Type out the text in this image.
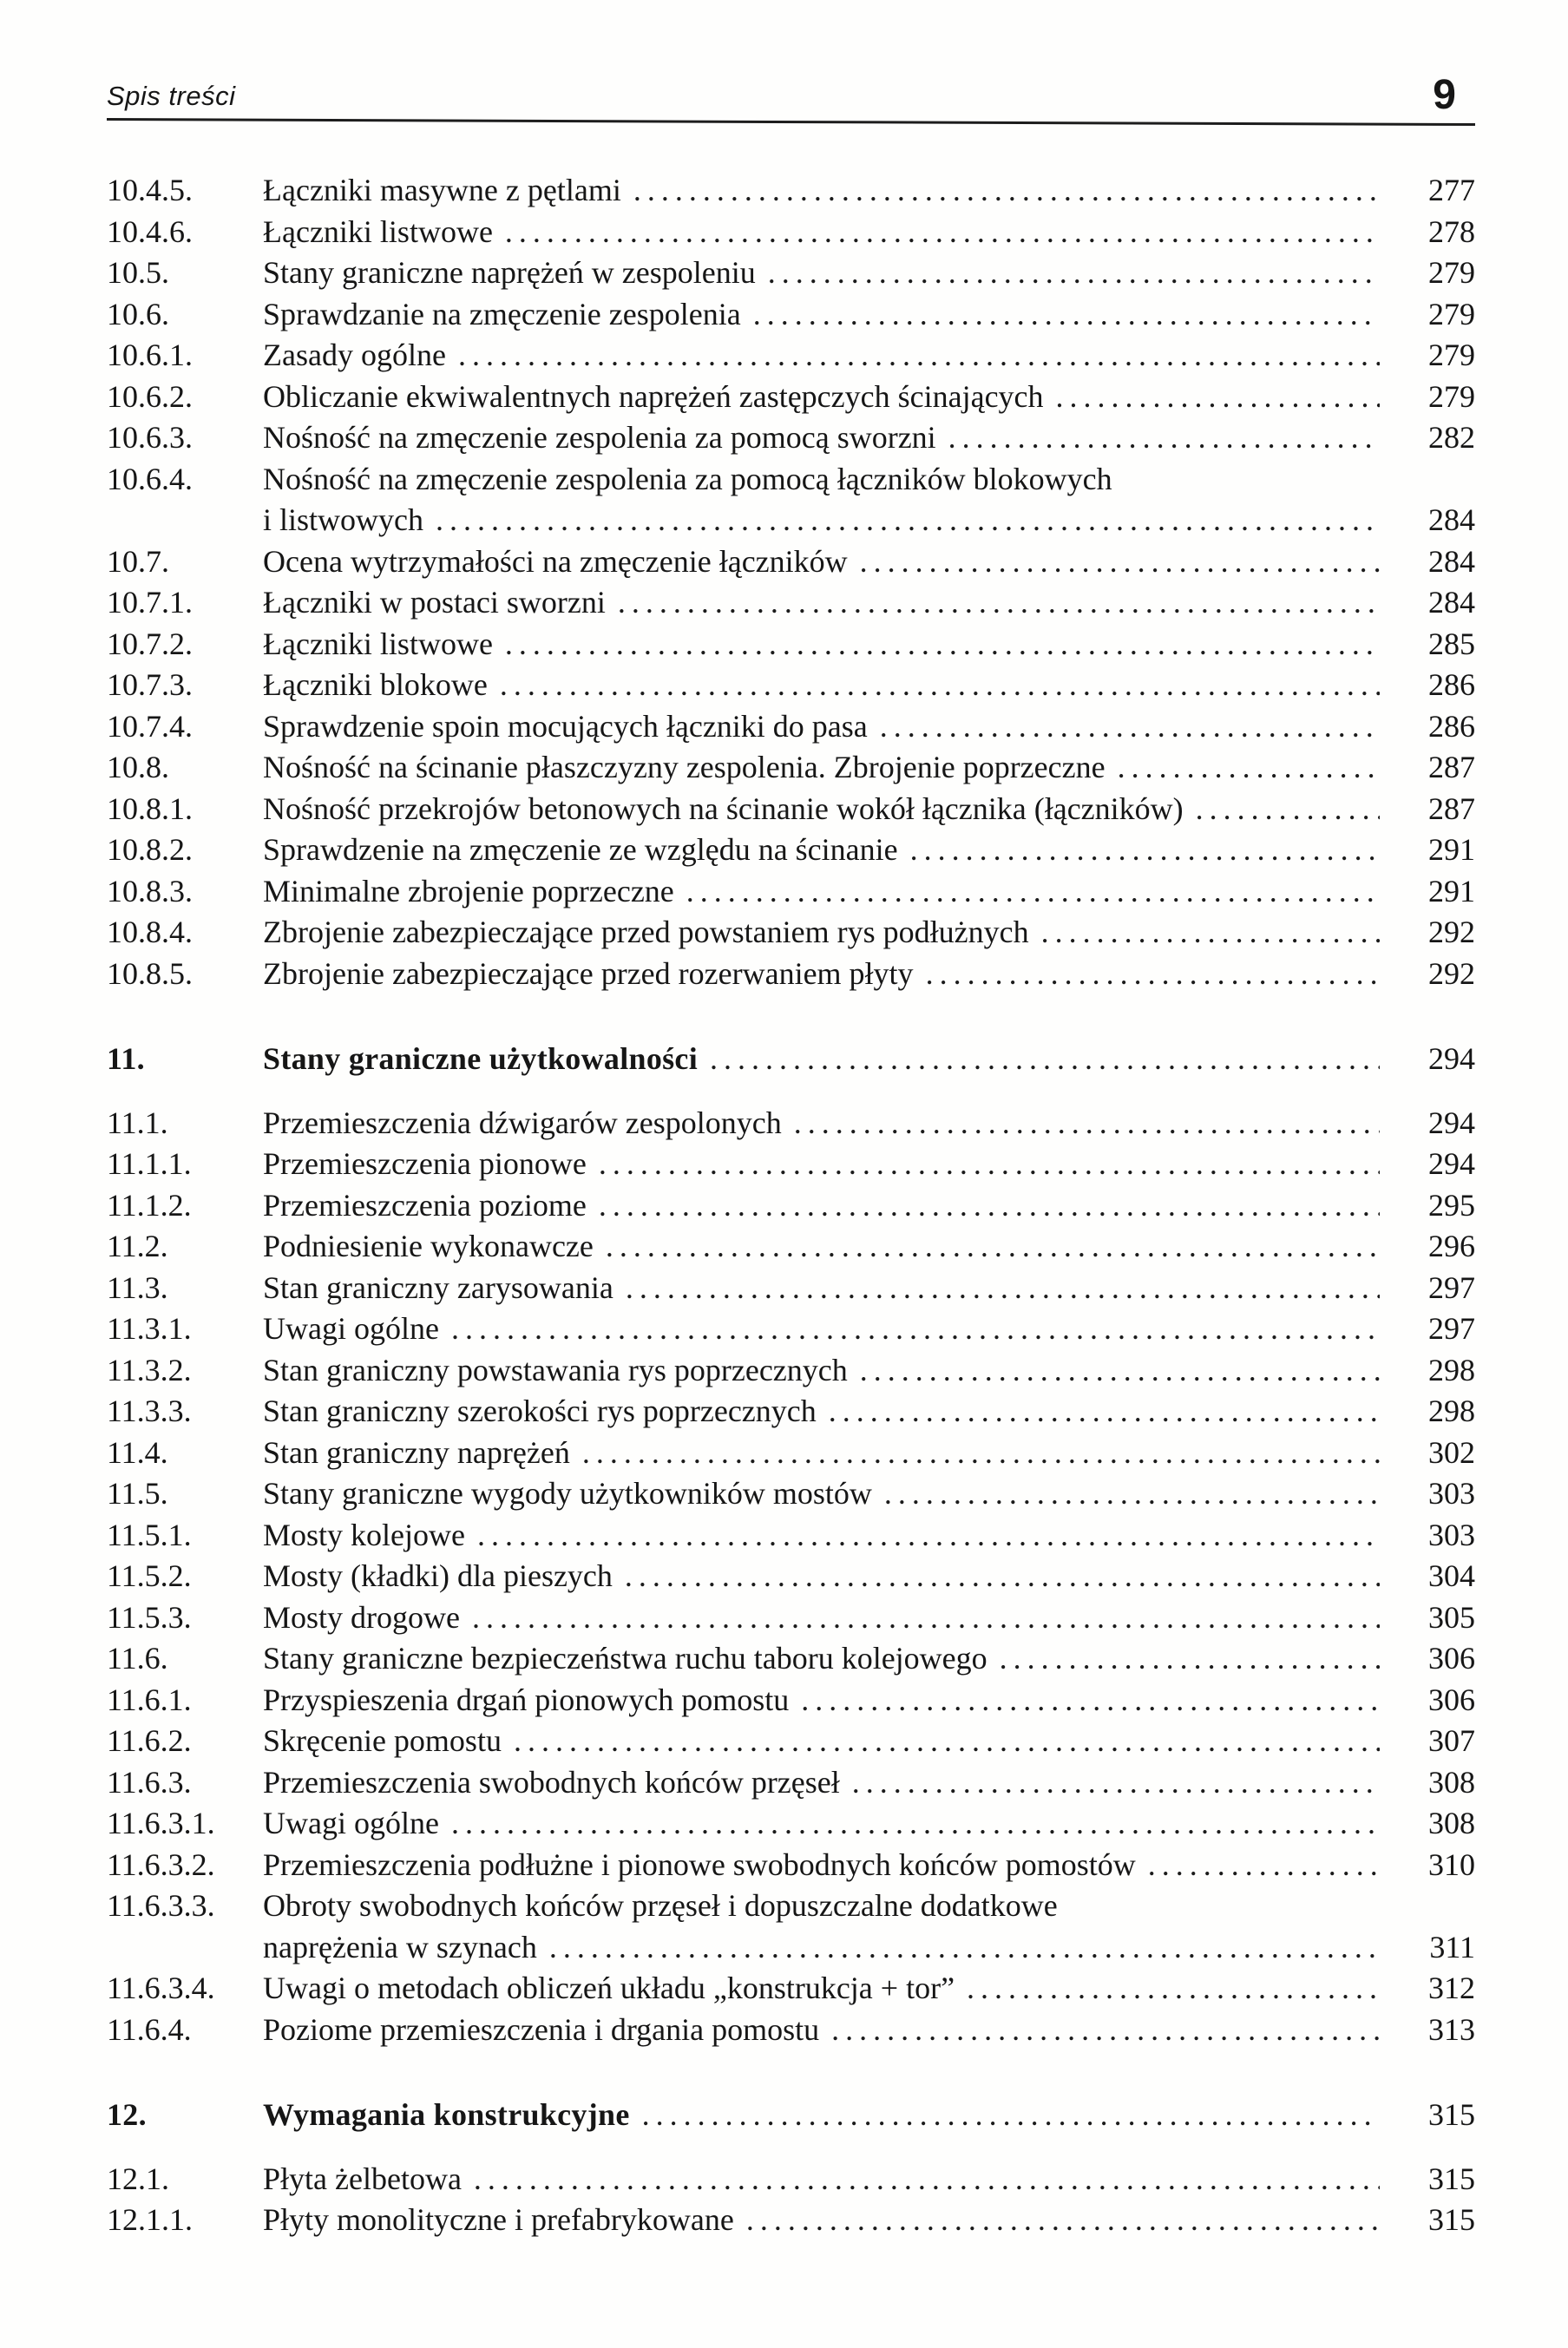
Spis treści	9
10.4.5.	Łączniki masywne z pętlami .....	277
10.4.6.	Łączniki listwowe .....	278
10.5.	Stany graniczne naprężeń w zespoleniu .....	279
10.6.	Sprawdzanie na zmęczenie zespolenia .....	279
10.6.1.	Zasady ogólne .....	279
10.6.2.	Obliczanie ekwiwalentnych naprężeń zastępczych ścinających .....	279
10.6.3.	Nośność na zmęczenie zespolenia za pomocą sworzni .....	282
10.6.4.	Nośność na zmęczenie zespolenia za pomocą łączników blokowych
i listwowych .....	284
10.7.	Ocena wytrzymałości na zmęczenie łączników .....	284
10.7.1.	Łączniki w postaci sworzni .....	284
10.7.2.	Łączniki listwowe .....	285
10.7.3.	Łączniki blokowe .....	286
10.7.4.	Sprawdzenie spoin mocujących łączniki do pasa .....	286
10.8.	Nośność na ścinanie płaszczyzny zespolenia. Zbrojenie poprzeczne .....	287
10.8.1.	Nośność przekrojów betonowych na ścinanie wokół łącznika (łączników) .....	287
10.8.2.	Sprawdzenie na zmęczenie ze względu na ścinanie .....	291
10.8.3.	Minimalne zbrojenie poprzeczne .....	291
10.8.4.	Zbrojenie zabezpieczające przed powstaniem rys podłużnych .....	292
10.8.5.	Zbrojenie zabezpieczające przed rozerwaniem płyty .....	292
11.	Stany graniczne użytkowalności .....	294
11.1.	Przemieszczenia dźwigarów zespolonych .....	294
11.1.1.	Przemieszczenia pionowe .....	294
11.1.2.	Przemieszczenia poziome .....	295
11.2.	Podniesienie wykonawcze .....	296
11.3.	Stan graniczny zarysowania .....	297
11.3.1.	Uwagi ogólne .....	297
11.3.2.	Stan graniczny powstawania rys poprzecznych .....	298
11.3.3.	Stan graniczny szerokości rys poprzecznych .....	298
11.4.	Stan graniczny naprężeń .....	302
11.5.	Stany graniczne wygody użytkowników mostów .....	303
11.5.1.	Mosty kolejowe .....	303
11.5.2.	Mosty (kładki) dla pieszych .....	304
11.5.3.	Mosty drogowe .....	305
11.6.	Stany graniczne bezpieczeństwa ruchu taboru kolejowego .....	306
11.6.1.	Przyspieszenia drgań pionowych pomostu .....	306
11.6.2.	Skręcenie pomostu .....	307
11.6.3.	Przemieszczenia swobodnych końców przęseł .....	308
11.6.3.1.	Uwagi ogólne .....	308
11.6.3.2.	Przemieszczenia podłużne i pionowe swobodnych końców pomostów .....	310
11.6.3.3.	Obroty swobodnych końców przęseł i dopuszczalne dodatkowe
naprężenia w szynach .....	311
11.6.3.4.	Uwagi o metodach obliczeń układu „konstrukcja + tor” .....	312
11.6.4.	Poziome przemieszczenia i drgania pomostu .....	313
12.	Wymagania konstrukcyjne .....	315
12.1.	Płyta żelbetowa .....	315
12.1.1.	Płyty monolityczne i prefabrykowane .....	315
